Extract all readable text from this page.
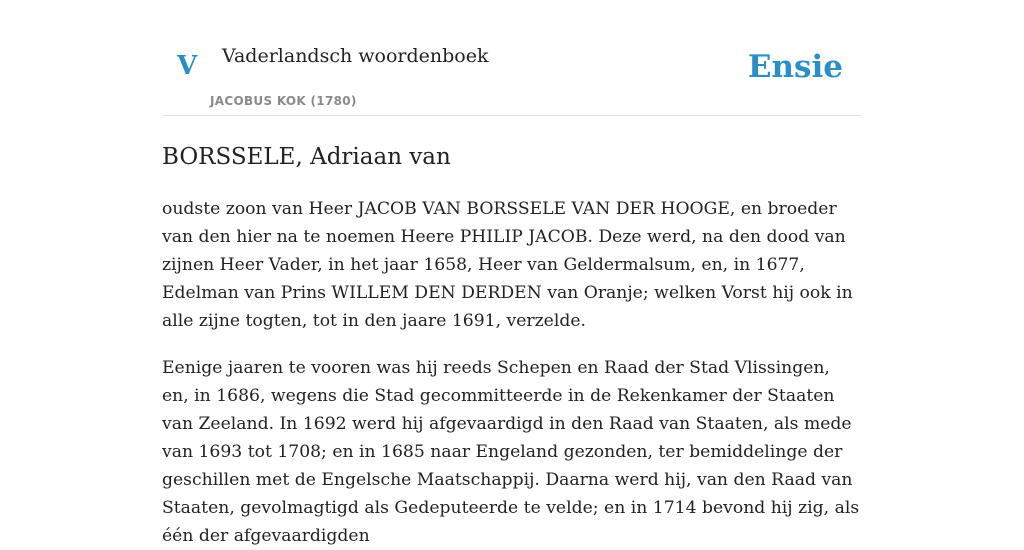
V Vaderlandsch woordenboek
JACOBUS KOK (1780)
Ensie
BORSSELE, Adriaan van

oudste zoon van Heer JACOB VAN BORSSELE VAN DER HOOGE, en broeder van den hier na te noemen Heere PHILIP JACOB. Deze werd, na den dood van zijnen Heer Vader, in het jaar 1658, Heer van Geldermalsum, en, in 1677, Edelman van Prins WILLEM DEN DERDEN van Oranje; welken Vorst hij ook in alle zijne togten, tot in den jaare 1691, verzelde.

Eenige jaaren te vooren was hij reeds Schepen en Raad der Stad Vlissingen, en, in 1686, wegens die Stad gecommitteerde in de Rekenkamer der Staaten van Zeeland. In 1692 werd hij afgevaardigd in den Raad van Staaten, als mede van 1693 tot 1708; en in 1685 naar Engeland gezonden, ter bemiddelinge der geschillen met de Engelsche Maatschappij. Daarna werd hij, van den Raad van Staaten, gevolmagtigd als Gedeputeerde te velde; en in 1714 bevond hij zig, als één der afgevaardigden
